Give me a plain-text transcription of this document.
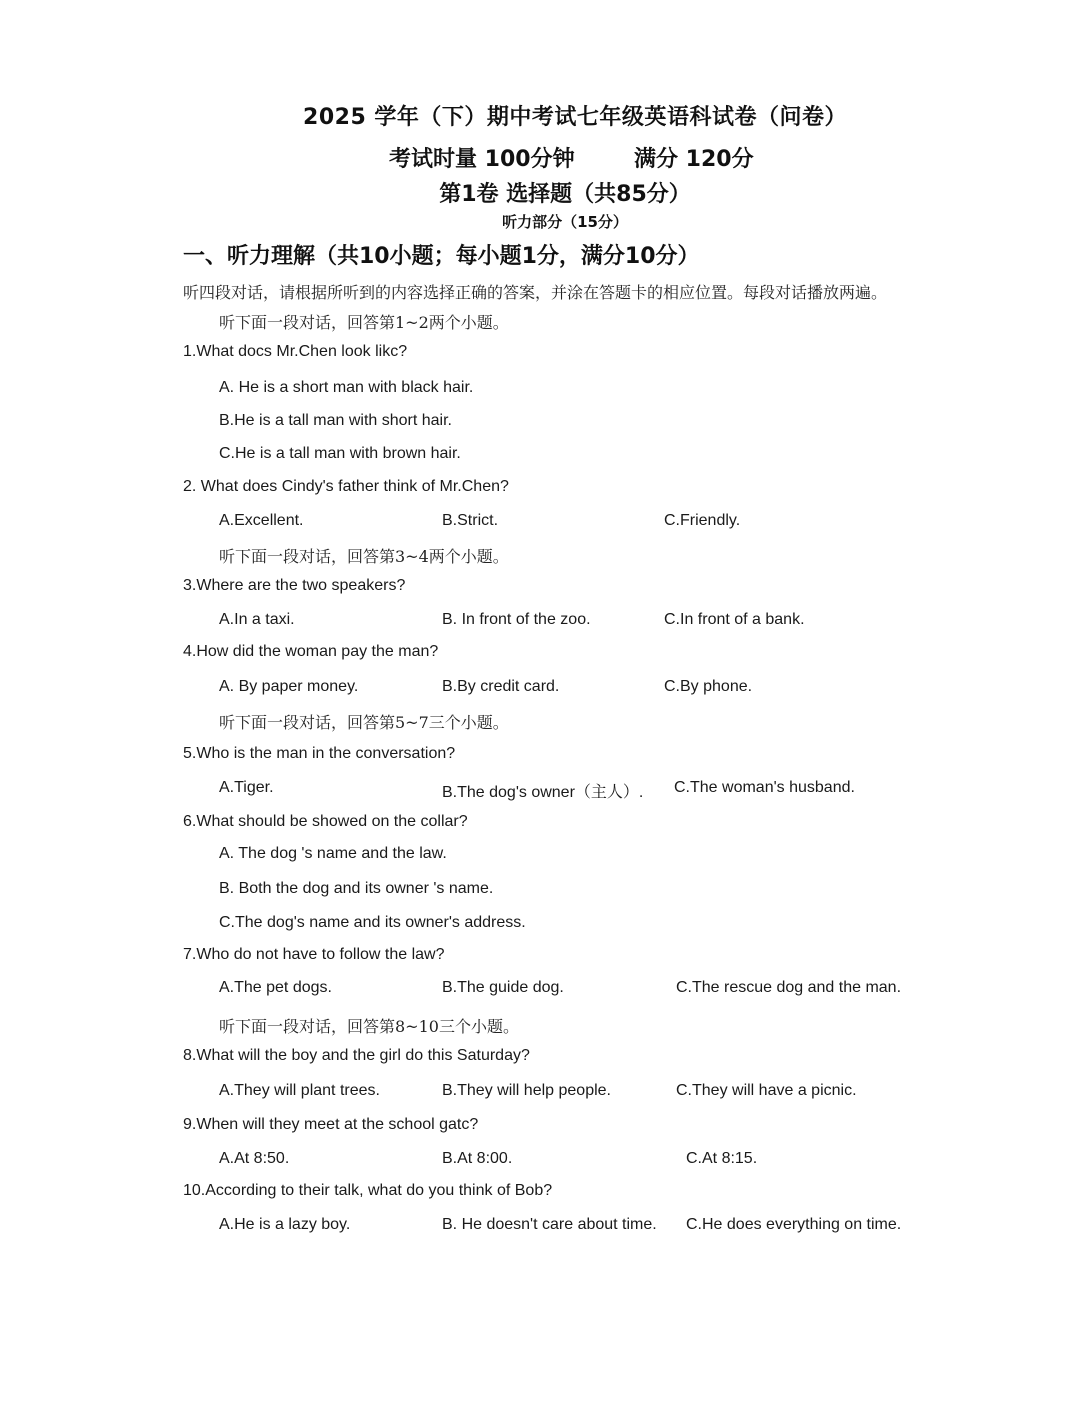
2025 学年（下）期中考试七年级英语科试卷（问卷）
考试时量 100分钟	满分 120分
第1卷 选择题（共85分）
听力部分（15分）
一、听力理解（共10小题；每小题1分，满分10分）
听四段对话，请根据所听到的内容选择正确的答案，并涂在答题卡的相应位置。每段对话播放两遍。
听下面一段对话，回答第1~2两个小题。
1.What docs Mr.Chen look likc?
A. He is a short man with black hair.
B.He is a tall man with short hair.
C.He is a tall man with brown hair.
2. What does Cindy's father think of Mr.Chen?
A.Excellent.	B.Strict.	C.Friendly.
听下面一段对话，回答第3~4两个小题。
3.Where are the two speakers?
A.In a taxi.	B. In front of the zoo.	C.In front of a bank.
4.How did the woman pay the man?
A. By paper money.	B.By credit card.	C.By phone.
听下面一段对话，回答第5~7三个小题。
5.Who is the man in the conversation?
A.Tiger.	B.The dog's owner（主人）. C.The woman's husband.
6.What should be showed on the collar?
A. The dog 's name and the law.
B. Both the dog and its owner 's name.
C.The dog's name and its owner's address.
7.Who do not have to follow the law?
A.The pet dogs.	B.The guide dog.	C.The rescue dog and the man.
听下面一段对话，回答第8~10三个小题。
8.What will the boy and the girl do this Saturday?
A.They will plant trees.	B.They will help people.	C.They will have a picnic.
9.When will they meet at the school gatc?
A.At 8:50.	B.At 8:00.	C.At 8:15.
10.According to their talk, what do you think of Bob?
A.He is a lazy boy.	B. He doesn't care about time. C.He does everything on time.
